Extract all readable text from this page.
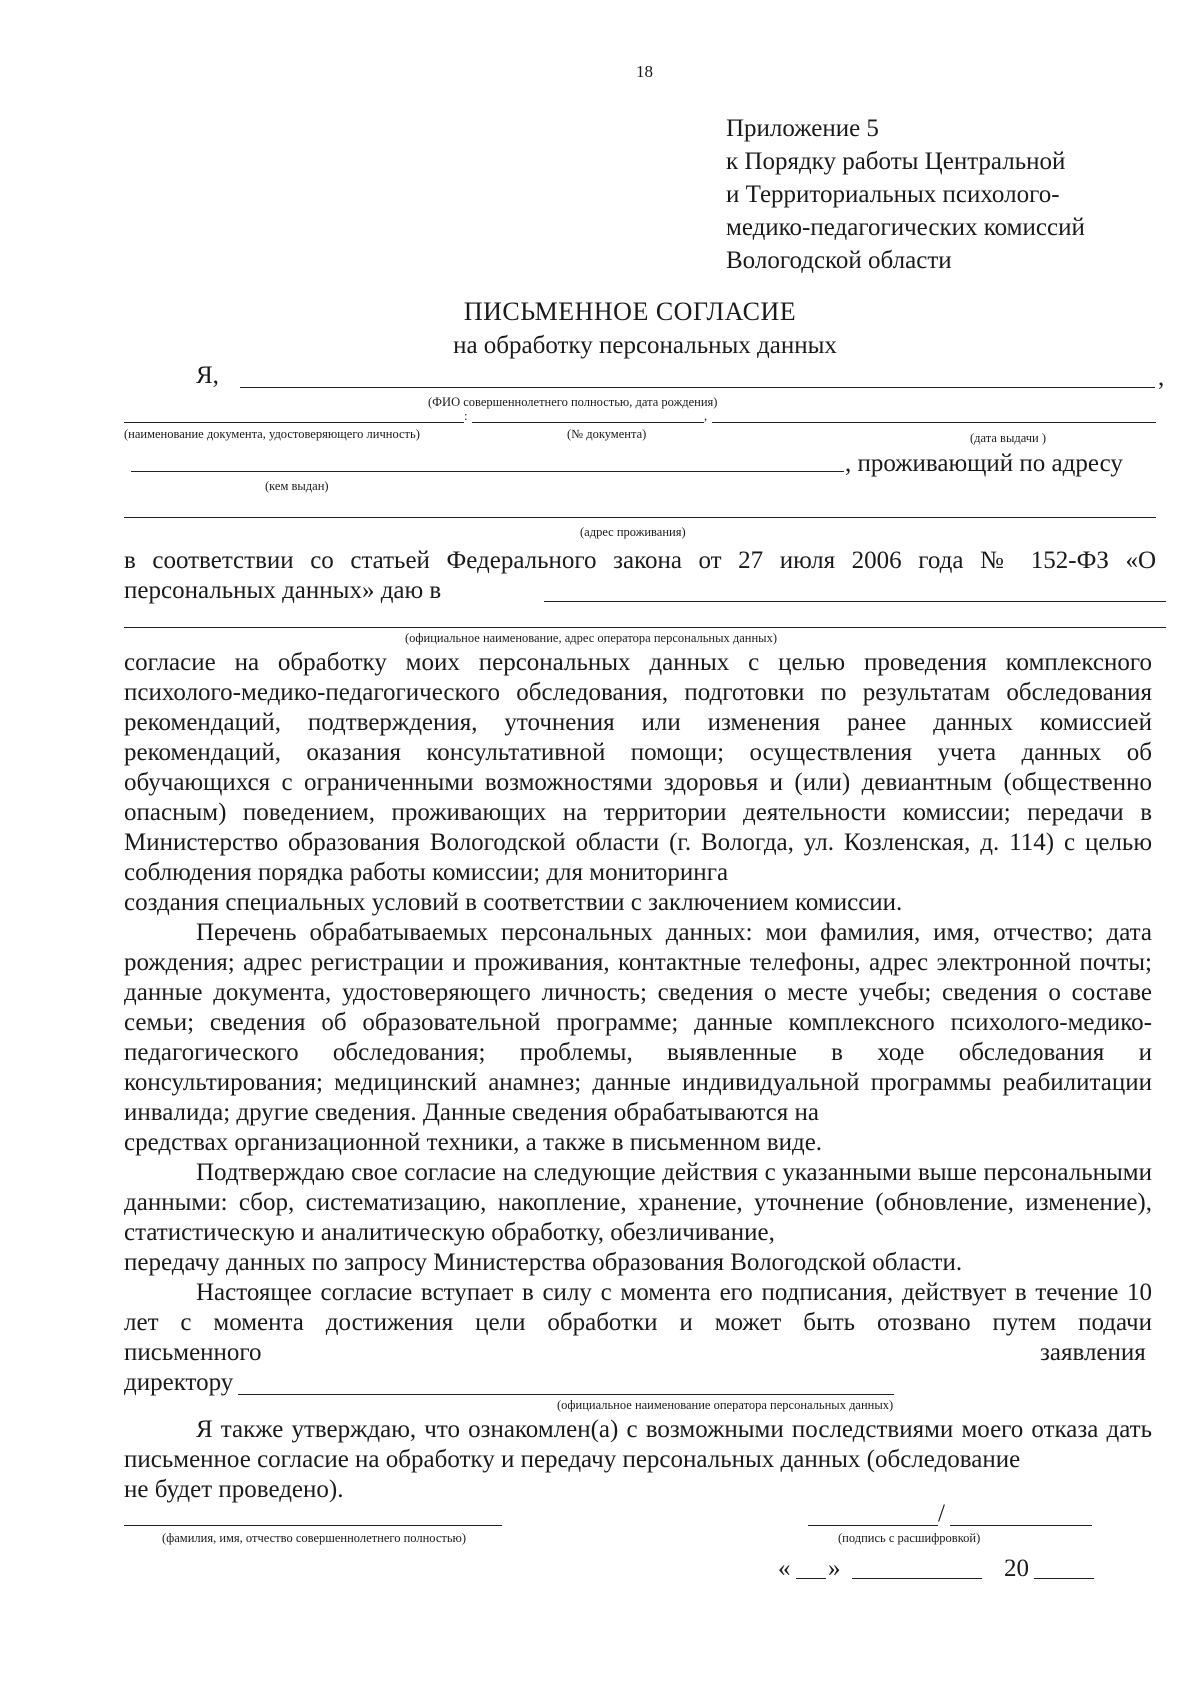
18
Приложение 5
к Порядку работы Центральной
и Территориальных психолого-
медико-педагогических комиссий
Вологодской области
ПИСЬМЕННОЕ СОГЛАСИЕ
на обработку персональных данных
Я,	,
(ФИО совершеннолетнего полностью, дата рождения)
:	,
(наименование документа, удостоверяющего личность)	(№ документа)	(дата выдачи )
, проживающий по адресу
(кем выдан)
(адрес проживания)
в соответствии со статьей Федерального закона от 27 июля 2006 года № 152-ФЗ «О
персональных данных» даю в
(официальное наименование, адрес оператора персональных данных)
согласие на обработку моих персональных данных с целью проведения комплексного психолого-медико-педагогического обследования, подготовки по результатам обследования рекомендаций, подтверждения, уточнения или изменения ранее данных комиссией рекомендаций, оказания консультативной помощи; осуществления учета данных об обучающихся с ограниченными возможностями здоровья и (или) девиантным (общественно опасным) поведением, проживающих на территории деятельности комиссии; передачи в Министерство образования Вологодской области (г. Вологда, ул. Козленская, д. 114) с целью соблюдения порядка работы комиссии; для мониторинга
создания специальных условий в соответствии с заключением комиссии.
Перечень обрабатываемых персональных данных: мои фамилия, имя, отчество; дата рождения; адрес регистрации и проживания, контактные телефоны, адрес электронной почты; данные документа, удостоверяющего личность; сведения о месте учебы; сведения о составе семьи; сведения об образовательной программе; данные комплексного психолого-медико-педагогического обследования; проблемы, выявленные в ходе обследования и консультирования; медицинский анамнез; данные индивидуальной программы реабилитации инвалида; другие сведения. Данные сведения обрабатываются на
средствах организационной техники, а также в письменном виде.
Подтверждаю свое согласие на следующие действия с указанными выше персональными данными: сбор, систематизацию, накопление, хранение, уточнение (обновление, изменение), статистическую и аналитическую обработку, обезличивание,
передачу данных по запросу Министерства образования Вологодской области.
Настоящее согласие вступает в силу с момента его подписания, действует в течение 10 лет с момента достижения цели обработки и может быть отозвано путем подачи
письменного	заявления
директору
(официальное наименование оператора персональных данных)
Я также утверждаю, что ознакомлен(а) с возможными последствиями моего отказа дать письменное согласие на обработку и передачу персональных данных (обследование
не будет проведено).
(фамилия, имя, отчество совершеннолетнего полностью)
/
(подпись с расшифровкой)
« »	20
